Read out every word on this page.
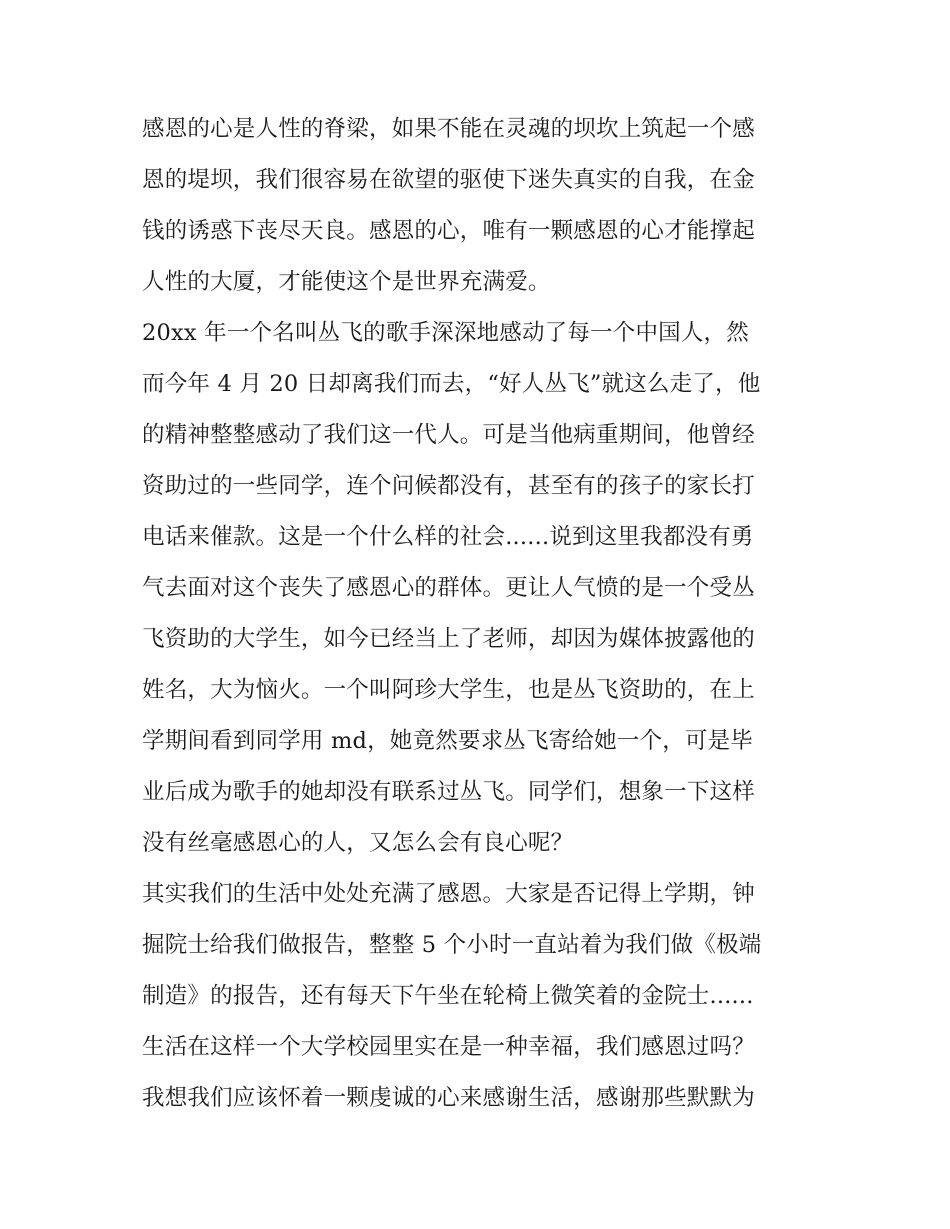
感恩的心是人性的脊梁，如果不能在灵魂的坝坎上筑起一个感
恩的堤坝，我们很容易在欲望的驱使下迷失真实的自我，在金
钱的诱惑下丧尽天良。感恩的心，唯有一颗感恩的心才能撑起
人性的大厦，才能使这个是世界充满爱。
20xx 年一个名叫丛飞的歌手深深地感动了每一个中国人，然
而今年 4 月 20 日却离我们而去，“好人丛飞”就这么走了，他
的精神整整感动了我们这一代人。可是当他病重期间，他曾经
资助过的一些同学，连个问候都没有，甚至有的孩子的家长打
电话来催款。这是一个什么样的社会......说到这里我都没有勇
气去面对这个丧失了感恩心的群体。更让人气愤的是一个受丛
飞资助的大学生，如今已经当上了老师，却因为媒体披露他的
姓名，大为恼火。一个叫阿珍大学生，也是丛飞资助的，在上
学期间看到同学用 md，她竟然要求丛飞寄给她一个，可是毕
业后成为歌手的她却没有联系过丛飞。同学们，想象一下这样
没有丝毫感恩心的人，又怎么会有良心呢？
其实我们的生活中处处充满了感恩。大家是否记得上学期，钟
掘院士给我们做报告，整整 5 个小时一直站着为我们做《极端
制造》的报告，还有每天下午坐在轮椅上微笑着的金院士......
生活在这样一个大学校园里实在是一种幸福，我们感恩过吗？
我想我们应该怀着一颗虔诚的心来感谢生活，感谢那些默默为
